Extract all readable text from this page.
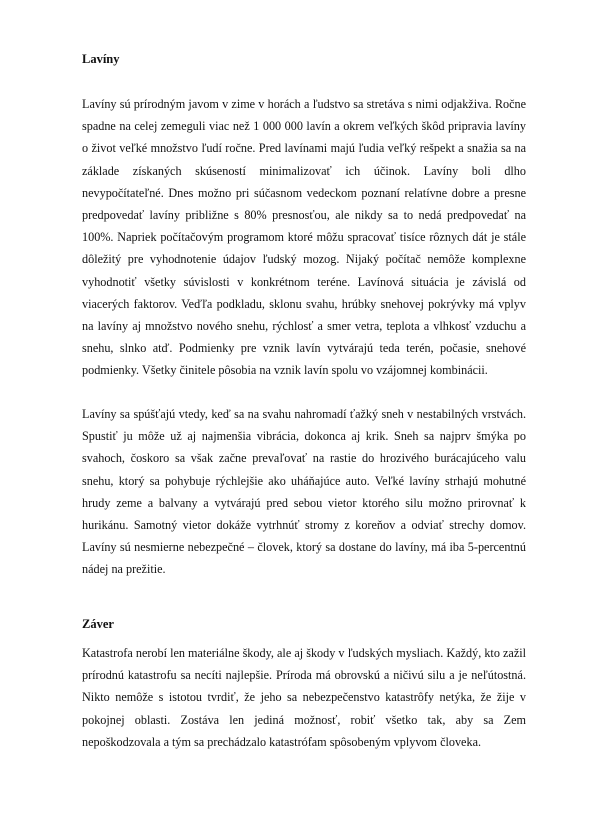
Lavíny

Lavíny sú prírodným javom v zime v horách a ľudstvo sa stretáva s nimi odjakživa. Ročne spadne na celej zemeguli viac než 1 000 000 lavín a okrem veľkých škôd pripravia lavíny o život veľké množstvo ľudí ročne. Pred lavínami majú ľudia veľký rešpekt a snažia sa na základe získaných skúseností minimalizovať ich účinok. Lavíny boli dlho nevypočítateľné. Dnes možno pri súčasnom vedeckom poznaní relatívne dobre a presne predpovedať lavíny približne s 80% presnosťou, ale nikdy sa to nedá predpovedať na 100%. Napriek počítačovým programom ktoré môžu spracovať tisíce rôznych dát je stále dôležitý pre vyhodnotenie údajov ľudský mozog. Nijaký počítač nemôže komplexne vyhodnotiť všetky súvislosti v konkrétnom teréne. Lavínová situácia je závislá od viacerých faktorov. Veďľa podkladu, sklonu svahu, hrúbky snehovej pokrývky má vplyv na lavíny aj množstvo nového snehu, rýchlosť a smer vetra, teplota a vlhkosť vzduchu a snehu, slnko atď. Podmienky pre vznik lavín vytvárajú teda terén, počasie, snehové podmienky. Všetky činitele pôsobia na vznik lavín spolu vo vzájomnej kombinácii.

Lavíny sa spúšťajú vtedy, keď sa na svahu nahromadí ťažký sneh v nestabilných vrstvách. Spustiť ju môže už aj najmenšia vibrácia, dokonca aj krik. Sneh sa najprv šmýka po svahoch, čoskoro sa však začne prevaľovať na rastie do hrozivého burácajúceho valu snehu, ktorý sa pohybuje rýchlejšie ako uháňajúce auto. Veľké lavíny strhajú mohutné hrudy zeme a balvany a vytvárajú pred sebou vietor ktorého silu možno prirovnať k hurikánu. Samotný vietor dokáže vytrhnúť stromy z koreňov a odviať strechy domov. Lavíny sú nesmierne nebezpečné – človek, ktorý sa dostane do lavíny, má iba 5-percentnú nádej na prežitie.

Záver

Katastrofa nerobí len materiálne škody, ale aj škody v ľudských mysliach. Každý, kto zažil prírodnú katastrofu sa necíti najlepšie. Príroda má obrovskú a ničivú silu a je neľútostná. Nikto nemôže s istotou tvrdiť, že jeho sa nebezpečenstvo katastrôfy netýka, že žije v pokojnej oblasti. Zostáva len jediná možnosť, robiť všetko tak, aby sa Zem nepoškodzovala a tým sa prechádzalo katastrófam spôsobeným vplyvom človeka.
